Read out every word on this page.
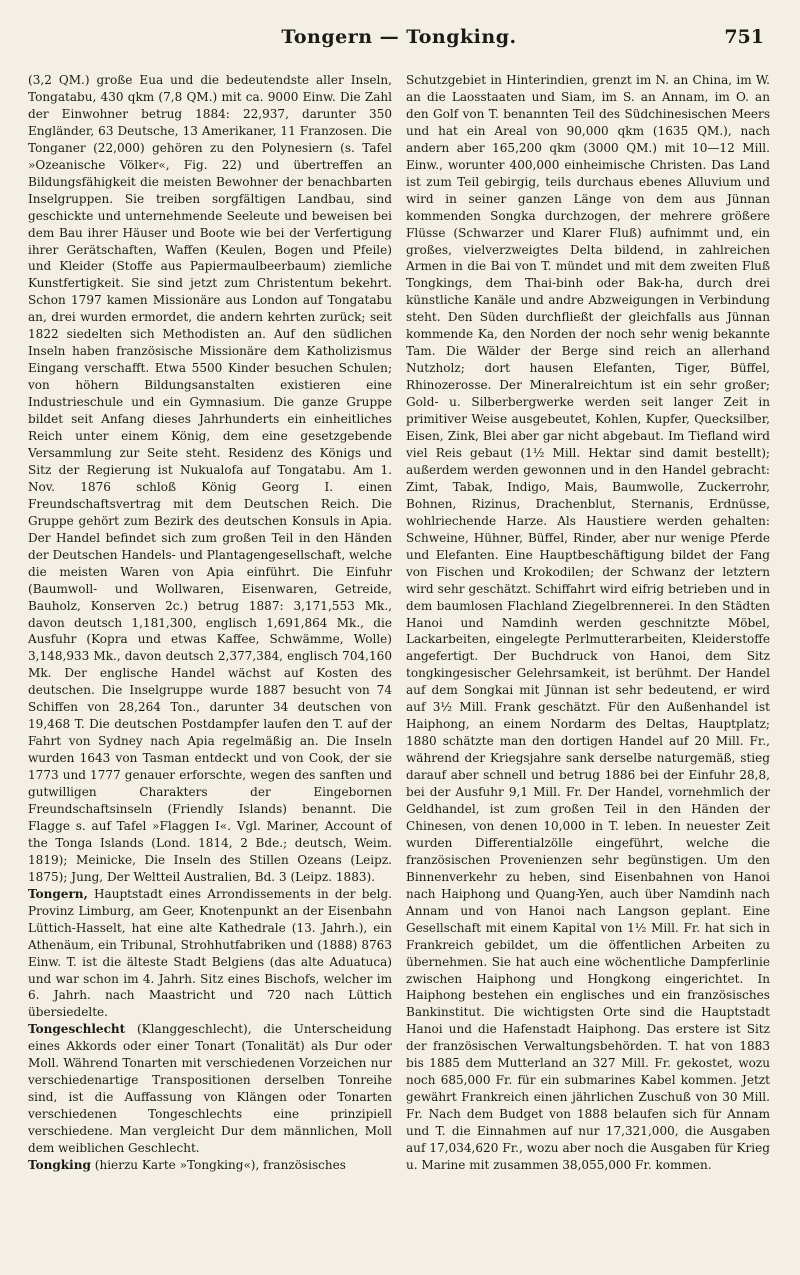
Tongern — Tongking.	751

(3,2 QM.) große Eua und die bedeutendste aller Inseln, Tongatabu, 430 qkm (7,8 QM.) mit ca. 9000 Einw. Die Zahl der Einwohner betrug 1884: 22,937, darunter 350 Engländer, 63 Deutsche, 13 Amerikaner, 11 Franzosen. Die Tonganer (22,000) gehören zu den Polynesiern (s. Tafel »Ozeanische Völker«, Fig. 22) und übertreffen an Bildungsfähigkeit die meisten Bewohner der benachbarten Inselgruppen. Sie treiben sorgfältigen Landbau, sind geschickte und unternehmende Seeleute und beweisen bei dem Bau ihrer Häuser und Boote wie bei der Verfertigung ihrer Gerätschaften, Waffen (Keulen, Bogen und Pfeile) und Kleider (Stoffe aus Papiermaulbeerbaum) ziemliche Kunstfertigkeit. Sie sind jetzt zum Christentum bekehrt. Schon 1797 kamen Missionäre aus London auf Tongatabu an, drei wurden ermordet, die andern kehrten zurück; seit 1822 siedelten sich Methodisten an. Auf den südlichen Inseln haben französische Missionäre dem Katholizismus Eingang verschafft. Etwa 5500 Kinder besuchen Schulen; von höhern Bildungsanstalten existieren eine Industrieschule und ein Gymnasium. Die ganze Gruppe bildet seit Anfang dieses Jahrhunderts ein einheitliches Reich unter einem König, dem eine gesetzgebende Versammlung zur Seite steht. Residenz des Königs und Sitz der Regierung ist Nukualofa auf Tongatabu. Am 1. Nov. 1876 schloß König Georg I. einen Freundschaftsvertrag mit dem Deutschen Reich. Die Gruppe gehört zum Bezirk des deutschen Konsuls in Apia. Der Handel befindet sich zum großen Teil in den Händen der Deutschen Handels- und Plantagengesellschaft, welche die meisten Waren von Apia einführt. Die Einfuhr (Baumwoll- und Wollwaren, Eisenwaren, Getreide, Bauholz, Konserven 2c.) betrug 1887: 3,171,553 Mk., davon deutsch 1,181,300, englisch 1,691,864 Mk., die Ausfuhr (Kopra und etwas Kaffee, Schwämme, Wolle) 3,148,933 Mk., davon deutsch 2,377,384, englisch 704,160 Mk. Der englische Handel wächst auf Kosten des deutschen. Die Inselgruppe wurde 1887 besucht von 74 Schiffen von 28,264 Ton., darunter 34 deutschen von 19,468 T. Die deutschen Postdampfer laufen den T. auf der Fahrt von Sydney nach Apia regelmäßig an. Die Inseln wurden 1643 von Tasman entdeckt und von Cook, der sie 1773 und 1777 genauer erforschte, wegen des sanften und gutwilligen Charakters der Eingebornen Freundschaftsinseln (Friendly Islands) benannt. Die Flagge s. auf Tafel »Flaggen I«. Vgl. Mariner, Account of the Tonga Islands (Lond. 1814, 2 Bde.; deutsch, Weim. 1819); Meinicke, Die Inseln des Stillen Ozeans (Leipz. 1875); Jung, Der Weltteil Australien, Bd. 3 (Leipz. 1883).

Tongern, Hauptstadt eines Arrondissements in der belg. Provinz Limburg, am Geer, Knotenpunkt an der Eisenbahn Lüttich-Hasselt, hat eine alte Kathedrale (13. Jahrh.), ein Athenäum, ein Tribunal, Strohhutfabriken und (1888) 8763 Einw. T. ist die älteste Stadt Belgiens (das alte Aduatuca) und war schon im 4. Jahrh. Sitz eines Bischofs, welcher im 6. Jahrh. nach Maastricht und 720 nach Lüttich übersiedelte.

Tongeschlecht (Klanggeschlecht), die Unterscheidung eines Akkords oder einer Tonart (Tonalität) als Dur oder Moll. Während Tonarten mit verschiedenen Vorzeichen nur verschiedenartige Transpositionen derselben Tonreihe sind, ist die Auffassung von Klängen oder Tonarten verschiedenen Tongeschlechts eine prinzipiell verschiedene. Man vergleicht Dur dem männlichen, Moll dem weiblichen Geschlecht.

Tongking (hierzu Karte »Tongking«), französisches

Schutzgebiet in Hinterindien, grenzt im N. an China, im W. an die Laosstaaten und Siam, im S. an Annam, im O. an den Golf von T. benannten Teil des Südchinesischen Meers und hat ein Areal von 90,000 qkm (1635 QM.), nach andern aber 165,200 qkm (3000 QM.) mit 10—12 Mill. Einw., worunter 400,000 einheimische Christen. Das Land ist zum Teil gebirgig, teils durchaus ebenes Alluvium und wird in seiner ganzen Länge von dem aus Jünnan kommenden Songka durchzogen, der mehrere größere Flüsse (Schwarzer und Klarer Fluß) aufnimmt und, ein großes, vielverzweigtes Delta bildend, in zahlreichen Armen in die Bai von T. mündet und mit dem zweiten Fluß Tongkings, dem Thai-binh oder Bak-ha, durch drei künstliche Kanäle und andre Abzweigungen in Verbindung steht. Den Süden durchfließt der gleichfalls aus Jünnan kommende Ka, den Norden der noch sehr wenig bekannte Tam. Die Wälder der Berge sind reich an allerhand Nutzholz; dort hausen Elefanten, Tiger, Büffel, Rhinozerosse. Der Mineralreichtum ist ein sehr großer; Gold- u. Silberbergwerke werden seit langer Zeit in primitiver Weise ausgebeutet, Kohlen, Kupfer, Quecksilber, Eisen, Zink, Blei aber gar nicht abgebaut. Im Tiefland wird viel Reis gebaut (1½ Mill. Hektar sind damit bestellt); außerdem werden gewonnen und in den Handel gebracht: Zimt, Tabak, Indigo, Mais, Baumwolle, Zuckerrohr, Bohnen, Rizinus, Drachenblut, Sternanis, Erdnüsse, wohlriechende Harze. Als Haustiere werden gehalten: Schweine, Hühner, Büffel, Rinder, aber nur wenige Pferde und Elefanten. Eine Hauptbeschäftigung bildet der Fang von Fischen und Krokodilen; der Schwanz der letztern wird sehr geschätzt. Schiffahrt wird eifrig betrieben und in dem baumlosen Flachland Ziegelbrennerei. In den Städten Hanoi und Namdinh werden geschnitzte Möbel, Lackarbeiten, eingelegte Perlmutterarbeiten, Kleiderstoffe angefertigt. Der Buchdruck von Hanoi, dem Sitz tongkingesischer Gelehrsamkeit, ist berühmt. Der Handel auf dem Songkai mit Jünnan ist sehr bedeutend, er wird auf 3½ Mill. Frank geschätzt. Für den Außenhandel ist Haiphong, an einem Nordarm des Deltas, Hauptplatz; 1880 schätzte man den dortigen Handel auf 20 Mill. Fr., während der Kriegsjahre sank derselbe naturgemäß, stieg darauf aber schnell und betrug 1886 bei der Einfuhr 28,8, bei der Ausfuhr 9,1 Mill. Fr. Der Handel, vornehmlich der Geldhandel, ist zum großen Teil in den Händen der Chinesen, von denen 10,000 in T. leben. In neuester Zeit wurden Differentialzölle eingeführt, welche die französischen Provenienzen sehr begünstigen. Um den Binnenverkehr zu heben, sind Eisenbahnen von Hanoi nach Haiphong und Quang-Yen, auch über Namdinh nach Annam und von Hanoi nach Langson geplant. Eine Gesellschaft mit einem Kapital von 1½ Mill. Fr. hat sich in Frankreich gebildet, um die öffentlichen Arbeiten zu übernehmen. Sie hat auch eine wöchentliche Dampferlinie zwischen Haiphong und Hongkong eingerichtet. In Haiphong bestehen ein englisches und ein französisches Bankinstitut. Die wichtigsten Orte sind die Hauptstadt Hanoi und die Hafenstadt Haiphong. Das erstere ist Sitz der französischen Verwaltungsbehörden. T. hat von 1883 bis 1885 dem Mutterland an 327 Mill. Fr. gekostet, wozu noch 685,000 Fr. für ein submarines Kabel kommen. Jetzt gewährt Frankreich einen jährlichen Zuschuß von 30 Mill. Fr. Nach dem Budget von 1888 belaufen sich für Annam und T. die Einnahmen auf nur 17,321,000, die Ausgaben auf 17,034,620 Fr., wozu aber noch die Ausgaben für Krieg u. Marine mit zusammen 38,055,000 Fr. kommen.
